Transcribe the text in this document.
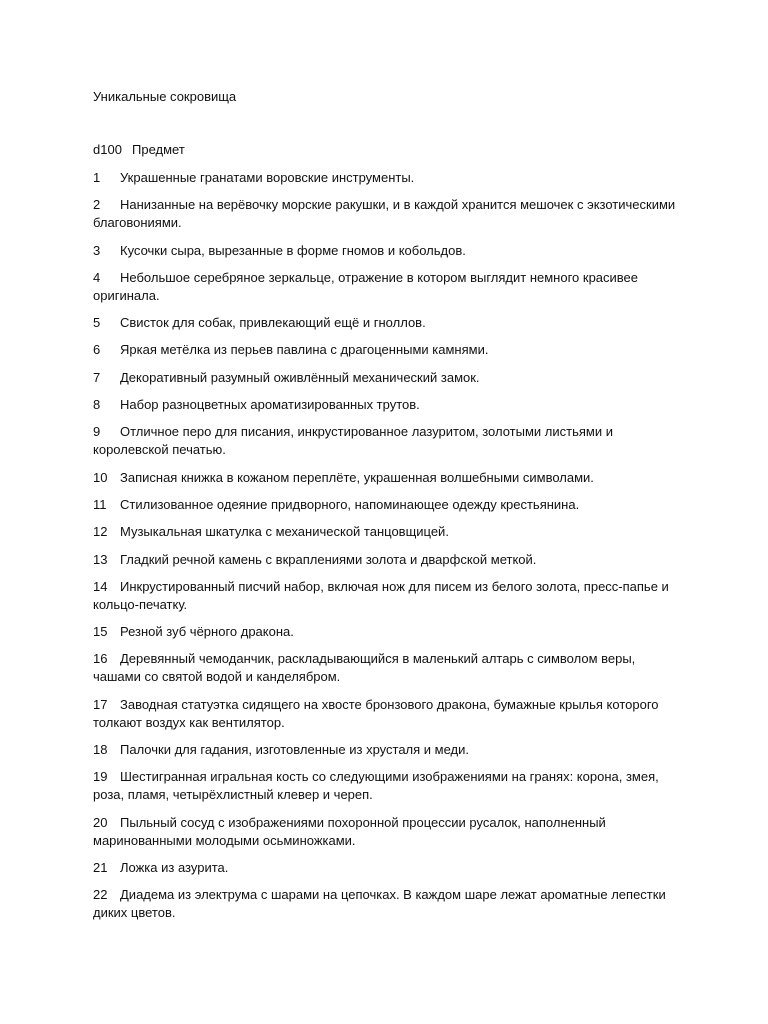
Уникальные сокровища
d100 Предмет
1 Украшенные гранатами воровские инструменты.
2 Нанизанные на верёвочку морские ракушки, и в каждой хранится мешочек с экзотическими благовониями.
3 Кусочки сыра, вырезанные в форме гномов и кобольдов.
4 Небольшое серебряное зеркальце, отражение в котором выглядит немного красивее оригинала.
5 Свисток для собак, привлекающий ещё и гноллов.
6 Яркая метёлка из перьев павлина с драгоценными камнями.
7 Декоративный разумный оживлённый механический замок.
8 Набор разноцветных ароматизированных трутов.
9 Отличное перо для писания, инкрустированное лазуритом, золотыми листьями и королевской печатью.
10 Записная книжка в кожаном переплёте, украшенная волшебными символами.
11 Стилизованное одеяние придворного, напоминающее одежду крестьянина.
12 Музыкальная шкатулка с механической танцовщицей.
13 Гладкий речной камень с вкраплениями золота и дварфской меткой.
14 Инкрустированный писчий набор, включая нож для писем из белого золота, пресс-папье и кольцо-печатку.
15 Резной зуб чёрного дракона.
16 Деревянный чемоданчик, раскладывающийся в маленький алтарь с символом веры, чашами со святой водой и канделябром.
17 Заводная статуэтка сидящего на хвосте бронзового дракона, бумажные крылья которого толкают воздух как вентилятор.
18 Палочки для гадания, изготовленные из хрусталя и меди.
19 Шестигранная игральная кость со следующими изображениями на гранях: корона, змея, роза, пламя, четырёхлистный клевер и череп.
20 Пыльный сосуд с изображениями похоронной процессии русалок, наполненный маринованными молодыми осьминожками.
21 Ложка из азурита.
22 Диадема из электрума с шарами на цепочках. В каждом шаре лежат ароматные лепестки диких цветов.
